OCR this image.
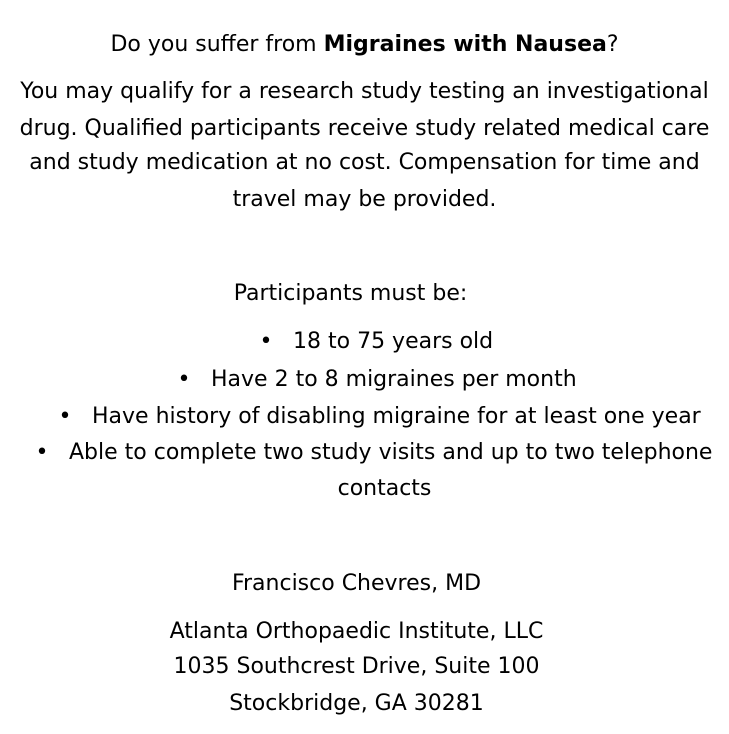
Do you suffer from Migraines with Nausea?
You may qualify for a research study testing an investigational
drug. Qualified participants receive study related medical care
and study medication at no cost. Compensation for time and
travel may be provided.
Participants must be:
• 18 to 75 years old
• Have 2 to 8 migraines per month
• Have history of disabling migraine for at least one year
• Able to complete two study visits and up to two telephone
contacts
Francisco Chevres, MD
Atlanta Orthopaedic Institute, LLC
1035 Southcrest Drive, Suite 100
Stockbridge, GA 30281
